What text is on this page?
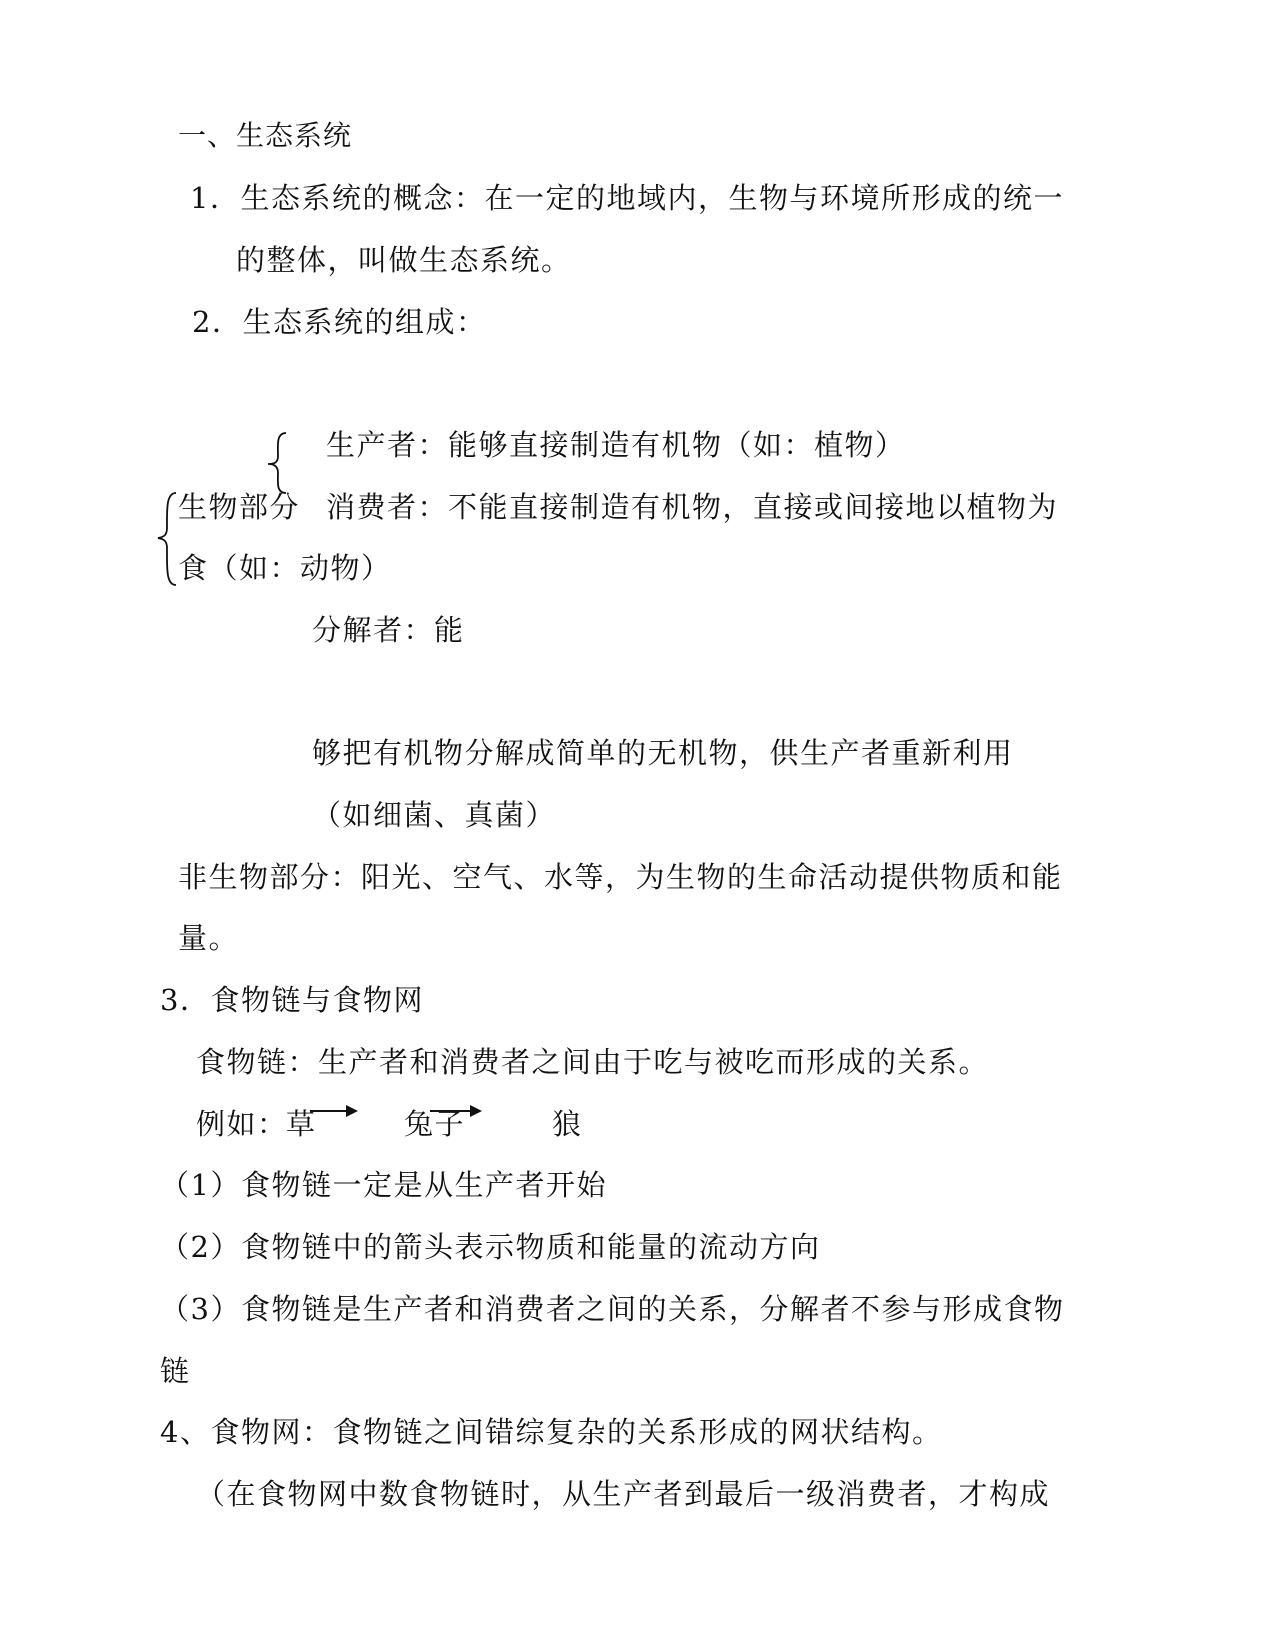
一、生态系统
1．生态系统的概念：在一定的地域内，生物与环境所形成的统一
的整体，叫做生态系统。
2．生态系统的组成：
生产者：能够直接制造有机物（如：植物）
生物部分 消费者：不能直接制造有机物，直接或间接地以植物为
食（如：动物）
分解者：能
够把有机物分解成简单的无机物，供生产者重新利用
（如细菌、真菌）
非生物部分：阳光、空气、水等，为生物的生命活动提供物质和能
量。
3．食物链与食物网
食物链：生产者和消费者之间由于吃与被吃而形成的关系。
例如：
草	兔子	狼
（1）食物链一定是从生产者开始
（2）食物链中的箭头表示物质和能量的流动方向
（3）食物链是生产者和消费者之间的关系，分解者不参与形成食物
链
4、食物网：食物链之间错综复杂的关系形成的网状结构。
（在食物网中数食物链时，从生产者到最后一级消费者，才构成
